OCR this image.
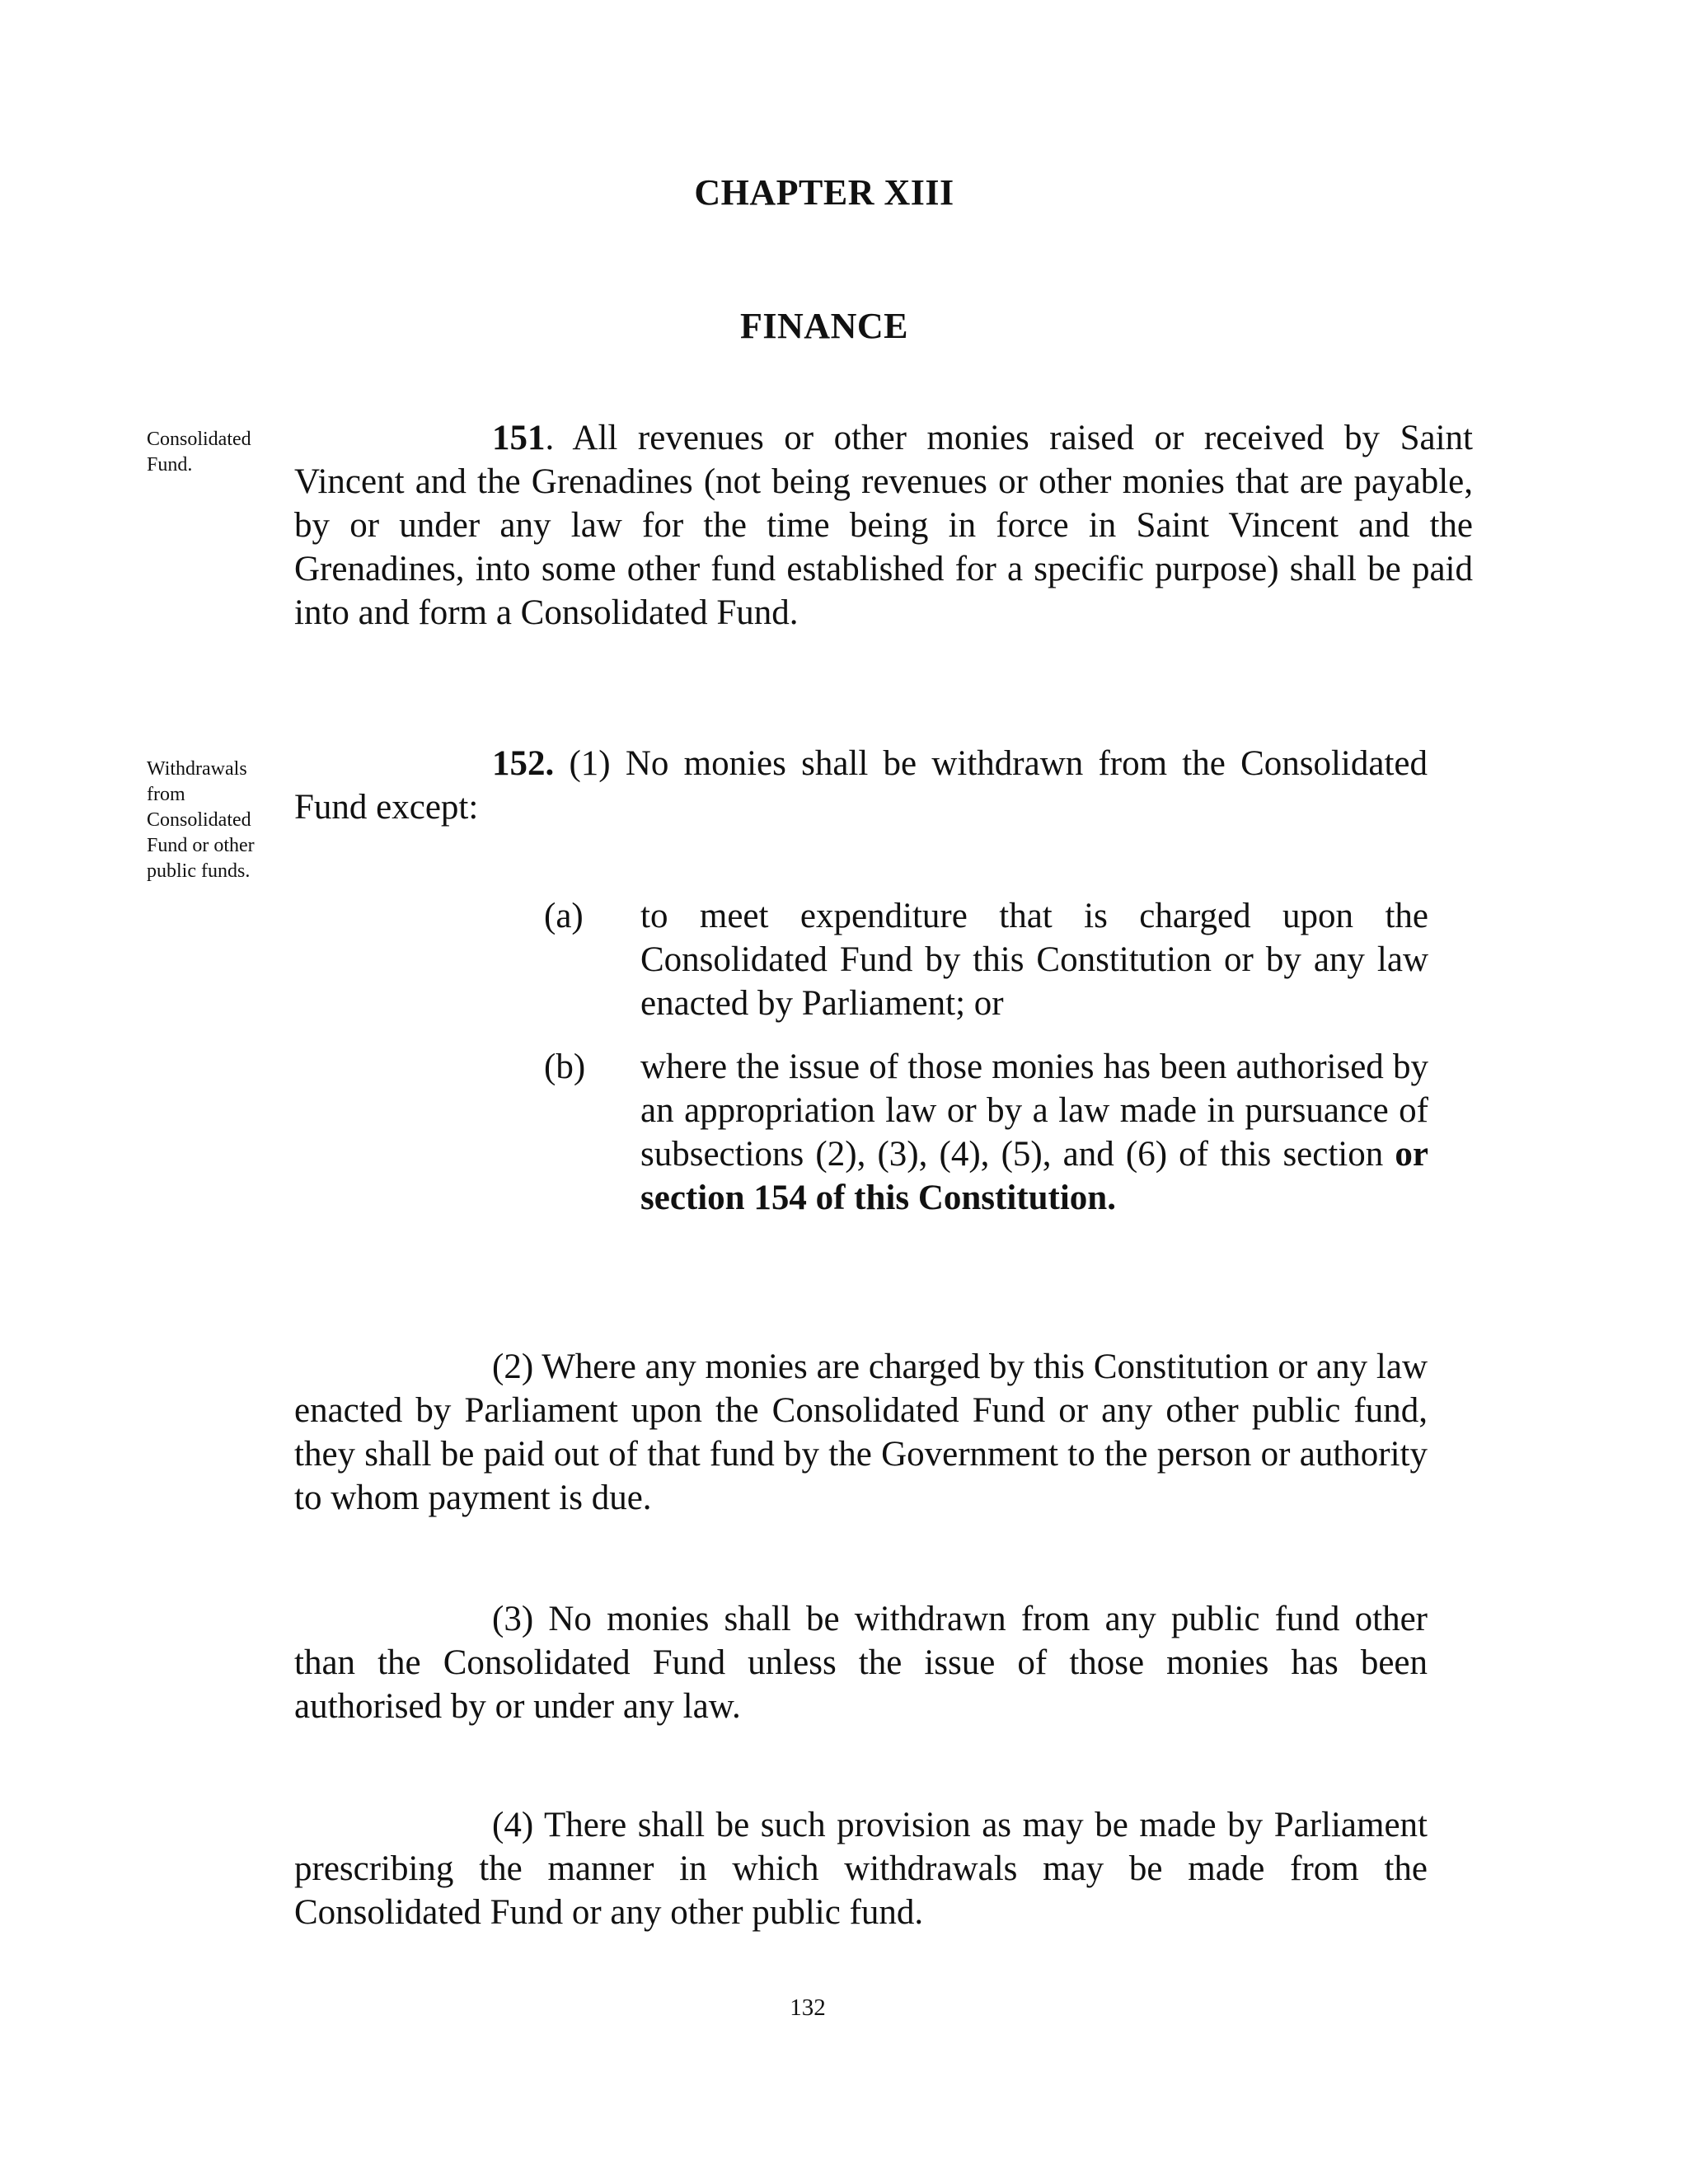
CHAPTER XIII
FINANCE
Consolidated Fund.
151. All revenues or other monies raised or received by Saint Vincent and the Grenadines (not being revenues or other monies that are payable, by or under any law for the time being in force in Saint Vincent and the Grenadines, into some other fund established for a specific purpose) shall be paid into and form a Consolidated Fund.
Withdrawals from Consolidated Fund or other public funds.
152. (1) No monies shall be withdrawn from the Consolidated Fund except:
(a) to meet expenditure that is charged upon the Consolidated Fund by this Constitution or by any law enacted by Parliament; or
(b) where the issue of those monies has been authorised by an appropriation law or by a law made in pursuance of subsections (2), (3), (4), (5), and (6) of this section or section 154 of this Constitution.
(2) Where any monies are charged by this Constitution or any law enacted by Parliament upon the Consolidated Fund or any other public fund, they shall be paid out of that fund by the Government to the person or authority to whom payment is due.
(3) No monies shall be withdrawn from any public fund other than the Consolidated Fund unless the issue of those monies has been authorised by or under any law.
(4) There shall be such provision as may be made by Parliament prescribing the manner in which withdrawals may be made from the Consolidated Fund or any other public fund.
132
